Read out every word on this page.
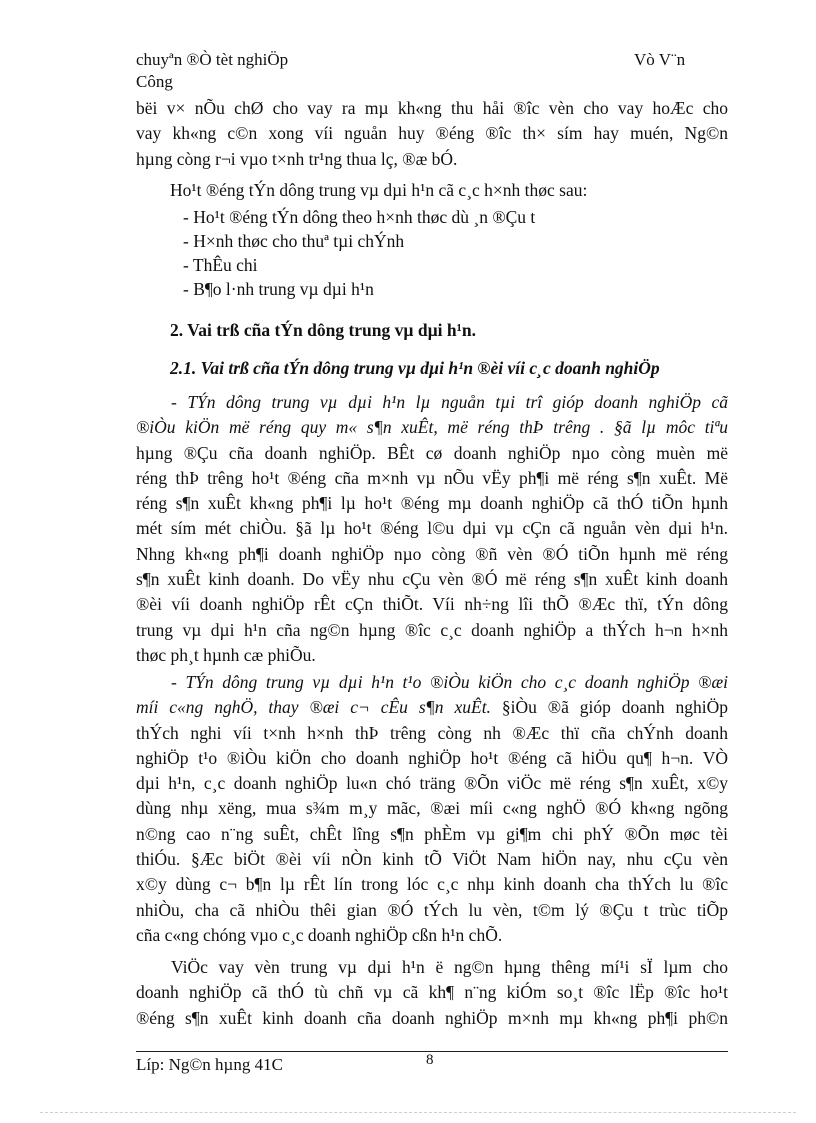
chuyªn ®Ò tèt nghiÖp
Công
Vò V¨n
bëi v× nÕu chØ cho vay ra mµ kh«ng thu håi ®îc vèn cho vay hoÆc cho
vay kh«ng c©n xong víi nguån huy ®éng ®îc th× sím hay muén, Ng©n
hµng còng r¬i vµo t×nh tr¹ng thua lç, ®æ bÓ.
Ho¹t ®éng tÝn dông trung vµ dµi h¹n cã c¸c h×nh thøc sau:
- Ho¹t ®éng tÝn dông theo h×nh thøc dù ¸n ®Çu t
- H×nh thøc cho thuª tµi chÝnh
- ThÊu chi
- B¶o l·nh trung vµ dµi h¹n
2. Vai trß cña tÝn dông trung vµ dµi h¹n.
2.1. Vai trß cña tÝn dông trung vµ dµi h¹n ®èi víi c¸c doanh nghiÖp
- TÝn dông trung vµ dµi h¹n lµ nguån tµi trî gióp doanh nghiÖp cã
®iÒu kiÖn më réng quy m« s¶n xuÊt, më réng thÞ trêng . §ã lµ môc tiªu
hµng ®Çu cña doanh nghiÖp. BÊt cø doanh nghiÖp nµo còng muèn më
réng thÞ trêng ho¹t ®éng cña m×nh vµ nÕu vËy ph¶i më réng s¶n xuÊt. Më
réng s¶n xuÊt kh«ng ph¶i lµ ho¹t ®éng mµ doanh nghiÖp cã thÓ tiÕn hµnh
mét sím mét chiÒu. §ã lµ ho¹t ®éng l©u dµi vµ cÇn cã nguån vèn dµi h¹n.
Nhng kh«ng ph¶i doanh nghiÖp nµo còng ®ñ vèn ®Ó tiÕn hµnh më réng
s¶n xuÊt kinh doanh. Do vËy nhu cÇu vèn ®Ó më réng s¶n xuÊt kinh doanh
®èi víi doanh nghiÖp rÊt cÇn thiÕt. Víi nh÷ng lîi thÕ ®Æc thï, tÝn dông
trung vµ dµi h¹n cña ng©n hµng ®îc c¸c doanh nghiÖp a thÝch h¬n h×nh
thøc ph¸t hµnh cæ phiÕu.
- TÝn dông trung vµ dµi h¹n t¹o ®iÒu kiÖn cho c¸c doanh nghiÖp ®æi
míi c«ng nghÖ, thay ®æi c¬ cÊu s¶n xuÊt. §iÒu ®ã gióp doanh nghiÖp
thÝch nghi víi t×nh h×nh thÞ trêng còng nh ®Æc thï cña chÝnh doanh
nghiÖp t¹o ®iÒu kiÖn cho doanh nghiÖp ho¹t ®éng cã hiÖu qu¶ h¬n. VÒ
dµi h¹n, c¸c doanh nghiÖp lu«n chó träng ®Õn viÖc më réng s¶n xuÊt, x©y
dùng nhµ xëng, mua s¾m m¸y mãc, ®æi míi c«ng nghÖ ®Ó kh«ng ngõng
n©ng cao n¨ng suÊt, chÊt lîng s¶n phÈm vµ gi¶m chi phÝ ®Õn møc tèi
thiÓu. §Æc biÖt ®èi víi nÒn kinh tÕ ViÖt Nam hiÖn nay, nhu cÇu vèn
x©y dùng c¬ b¶n lµ rÊt lín trong lóc c¸c nhµ kinh doanh cha thÝch lu ®îc
nhiÒu, cha cã nhiÒu thêi gian ®Ó tÝch lu vèn, t©m lý ®Çu t trùc tiÕp
cña c«ng chóng vµo c¸c doanh nghiÖp cßn h¹n chÕ.
ViÖc vay vèn trung vµ dµi h¹n ë ng©n hµng thêng mí¹i sÏ lµm cho
doanh nghiÖp cã thÓ tù chñ vµ cã kh¶ n¨ng kiÓm so¸t ®îc lËp ®îc ho¹t
®éng s¶n xuÊt kinh doanh cña doanh nghiÖp m×nh mµ kh«ng ph¶i ph©n
Líp: Ng©n hµng 41C	8
